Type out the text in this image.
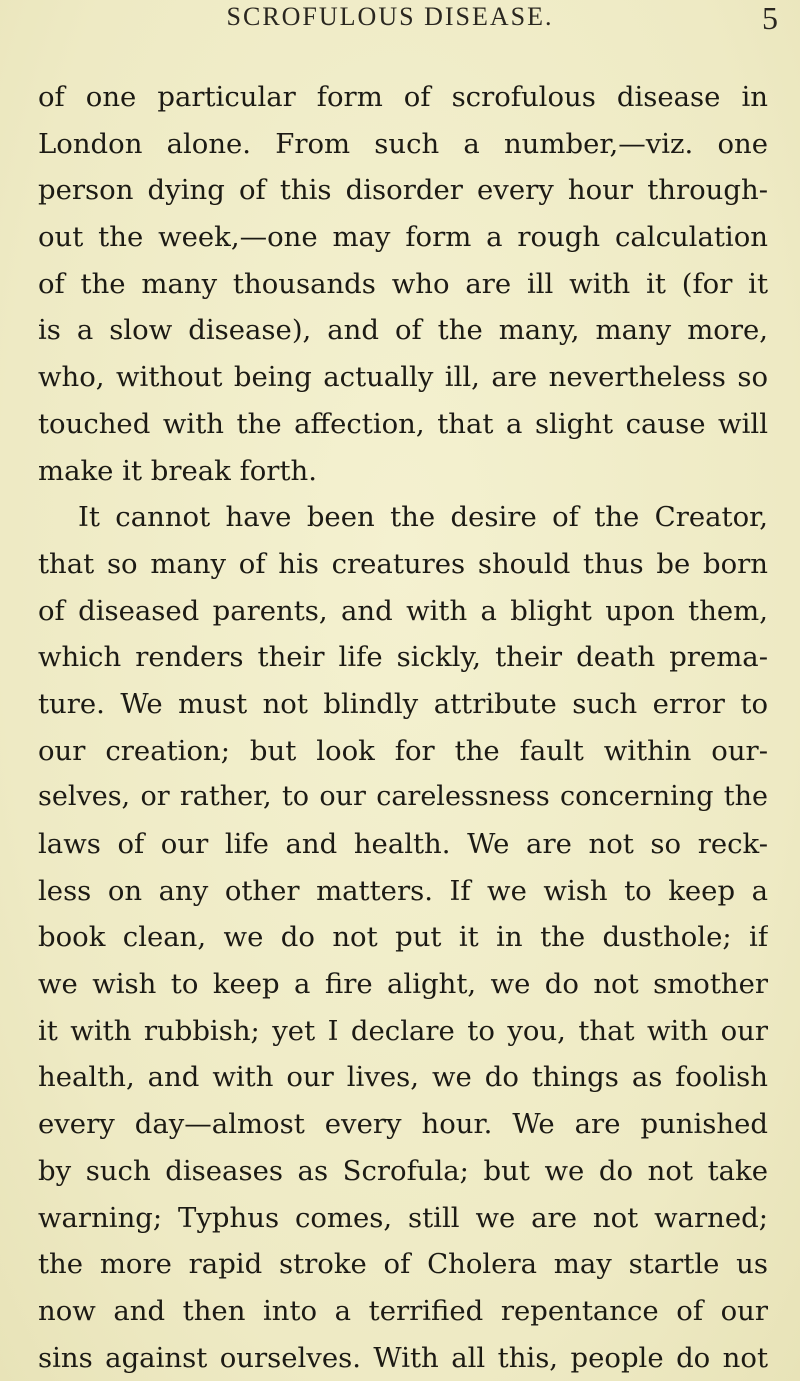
SCROFULOUS DISEASE.	5
of one particular form of scrofulous disease in
London alone. From such a number,—viz. one
person dying of this disorder every hour through-
out the week,—one may form a rough calculation
of the many thousands who are ill with it (for it
is a slow disease), and of the many, many more,
who, without being actually ill, are nevertheless so
touched with the affection, that a slight cause will
make it break forth.
It cannot have been the desire of the Creator,
that so many of his creatures should thus be born
of diseased parents, and with a blight upon them,
which renders their life sickly, their death prema-
ture. We must not blindly attribute such error to
our creation; but look for the fault within our-
selves, or rather, to our carelessness concerning the
laws of our life and health. We are not so reck-
less on any other matters. If we wish to keep a
book clean, we do not put it in the dusthole; if
we wish to keep a fire alight, we do not smother
it with rubbish; yet I declare to you, that with our
health, and with our lives, we do things as foolish
every day—almost every hour. We are punished
by such diseases as Scrofula; but we do not take
warning; Typhus comes, still we are not warned;
the more rapid stroke of Cholera may startle us
now and then into a terrified repentance of our
sins against ourselves. With all this, people do not
